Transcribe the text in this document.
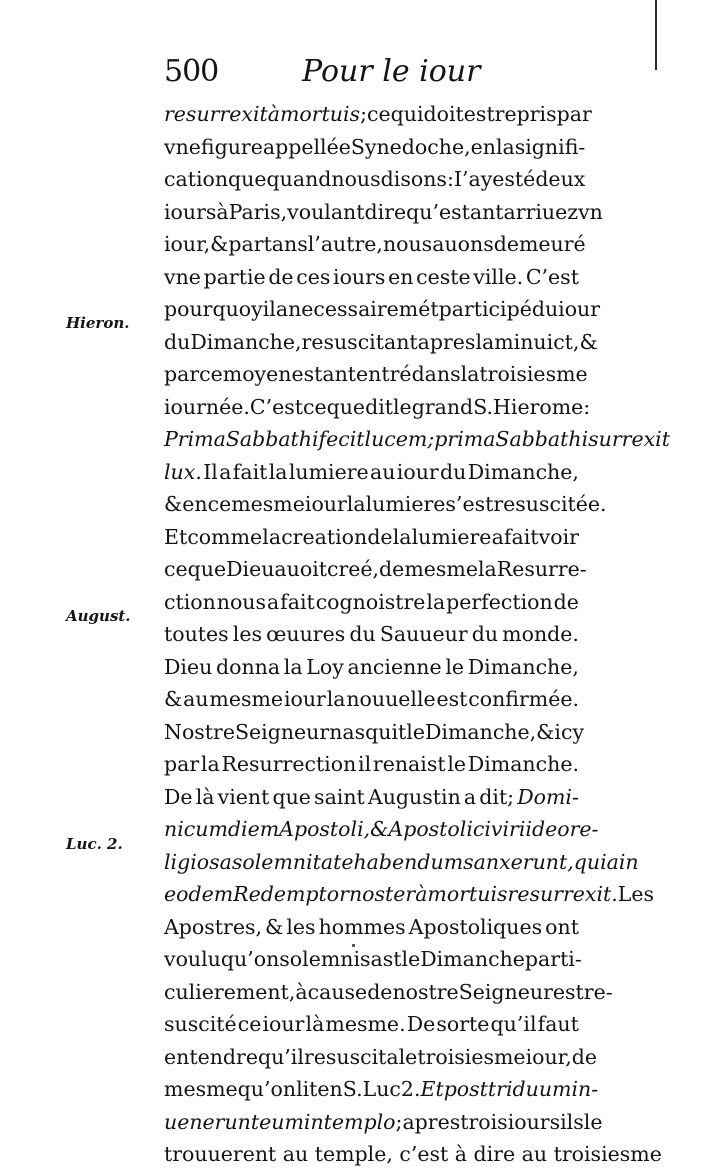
500	Pour le iour
Hieron.
August.
Luc. 2.
resurrexit à mortuis ; ce qui doit estre pris par
vne figure appellée Synedoche, en la signifi-
cation que quand nous disons : I’ay esté deux
iours à Paris, voulant dire qu’estant arriuez vn
iour, & partans l’autre, nous auons demeuré
vne partie de ces iours en ceste ville. C’est
pourquoy il a necessairemét participé du iour
du Dimanche, resuscitant apres la minuict, &
par ce moyen estant entré dans la troisiesme
iournée. C’est ce que dit le grand S. Hierome:
Prima Sabbathi fecit lucem ; prima Sabbathi surrexit
lux. Il a fait la lumiere au iour du Dimanche,
& en ce mesme iour la lumiere s’est resuscitée.
Et comme la creation de la lumiere a fait voir
ce que Dieu auoit creé, de mesme la Resurre-
ction nous a fait cognoistre la perfection de
toutes les œuures du Sauueur du monde.
Dieu donna la Loy ancienne le Dimanche,
& au mesme iour la nouuelle est confirmée.
Nostre Seigneur nasquit le Dimanche, & icy
par la Resurrection il renaist le Dimanche.
De là vient que saint Augustin a dit; Domi-
nicum diem Apostoli, & Apostolici viri ideo re-
ligiosa solemnitate habendum sanxerunt , quia in
eodem Redemptor noster à mortuis resurrexit. Les
Apostres, & les hommes Apostoliques ont
voulu qu’on solemnisast le Dimanche parti-
culierement, à cause de nostre Seigneur est re-
suscité ce iour là mesme. De sorte qu’il faut
entendre qu’il resuscita le troisiesme iour, de
mesme qu’on lit en S. Luc 2. Et post triduum in-
uenerunt eum in templo ; apres trois iours ils le
trouuerent au temple, c’est à dire au troisiesme
